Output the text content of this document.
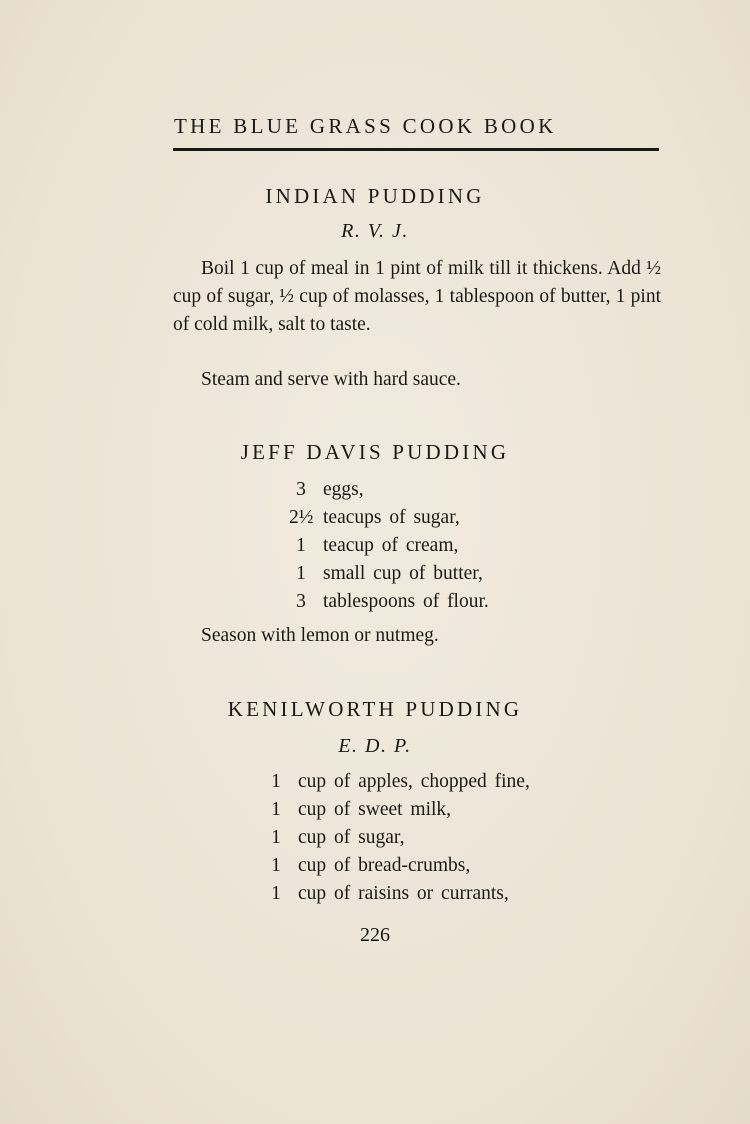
THE BLUE GRASS COOK BOOK
INDIAN PUDDING
R. V. J.

Boil 1 cup of meal in 1 pint of milk till it thickens. Add ½ cup of sugar, ½ cup of molasses, 1 tablespoon of butter, 1 pint of cold milk, salt to taste.

Steam and serve with hard sauce.

JEFF DAVIS PUDDING
3 eggs,
2½ teacups of sugar,
1 teacup of cream,
1 small cup of butter,
3 tablespoons of flour.

Season with lemon or nutmeg.

KENILWORTH PUDDING
E. D. P.
1 cup of apples, chopped fine,
1 cup of sweet milk,
1 cup of sugar,
1 cup of bread-crumbs,
1 cup of raisins or currants,
226
